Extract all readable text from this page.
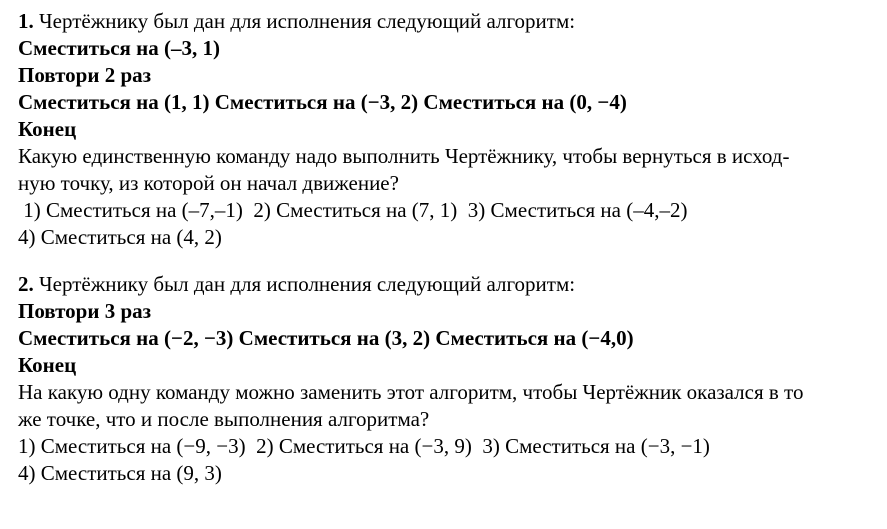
1. Чертёжнику был дан для исполнения следующий алгоритм:
Сместиться на (–3, 1)
Повтори 2 раз
Сместиться на (1, 1) Сместиться на (−3, 2) Сместиться на (0, −4)
Конец
Какую единственную команду надо выполнить Чертёжнику, чтобы вернуться в исход-
ную точку, из которой он начал движение?
1) Сместиться на (–7,–1)  2) Сместиться на (7, 1)  3) Сместиться на (–4,–2)
4) Сместиться на (4, 2)
2. Чертёжнику был дан для исполнения следующий алгоритм:
Повтори 3 раз
Сместиться на (−2, −3) Сместиться на (3, 2) Сместиться на (−4,0)
Конец
На какую одну команду можно заменить этот алгоритм, чтобы Чертёжник оказался в то
же точке, что и после выполнения алгоритма?
1) Сместиться на (−9, −3)  2) Сместиться на (−3, 9)  3) Сместиться на (−3, −1)
4) Сместиться на (9, 3)
